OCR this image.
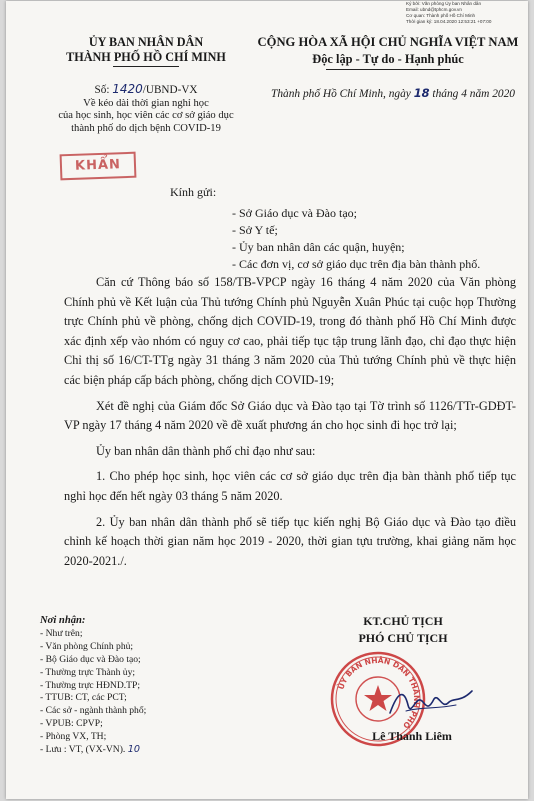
Ký bởi: Văn phòng Ủy ban Nhân dân
Email: ubnd@tphcm.gov.vn
Cơ quan: Thành phố Hồ Chí Minh
Thời gian ký: 18.04.2020 12:53:21 +07:00
ỦY BAN NHÂN DÂN
THÀNH PHỐ HỒ CHÍ MINH
CỘNG HÒA XÃ HỘI CHỦ NGHĨA VIỆT NAM
Độc lập - Tự do - Hạnh phúc
Số: 1420/UBND-VX
Về kéo dài thời gian nghỉ học
của học sinh, học viên các cơ sở giáo dục
thành phố do dịch bệnh COVID-19
Thành phố Hồ Chí Minh, ngày 18 tháng 4 năm 2020
KHẨN
Kính gửi:
- Sở Giáo dục và Đào tạo;
- Sở Y tế;
- Ủy ban nhân dân các quận, huyện;
- Các đơn vị, cơ sở giáo dục trên địa bàn thành phố.

Căn cứ Thông báo số 158/TB-VPCP ngày 16 tháng 4 năm 2020 của Văn phòng Chính phủ về Kết luận của Thủ tướng Chính phủ Nguyễn Xuân Phúc tại cuộc họp Thường trực Chính phủ về phòng, chống dịch COVID-19, trong đó thành phố Hồ Chí Minh được xác định xếp vào nhóm có nguy cơ cao, phải tiếp tục tập trung lãnh đạo, chỉ đạo thực hiện Chỉ thị số 16/CT-TTg ngày 31 tháng 3 năm 2020 của Thủ tướng Chính phủ về thực hiện các biện pháp cấp bách phòng, chống dịch COVID-19;

Xét đề nghị của Giám đốc Sở Giáo dục và Đào tạo tại Tờ trình số 1126/TTr-GDĐT-VP ngày 17 tháng 4 năm 2020 về đề xuất phương án cho học sinh đi học trở lại;

Ủy ban nhân dân thành phố chỉ đạo như sau:

1. Cho phép học sinh, học viên các cơ sở giáo dục trên địa bàn thành phố tiếp tục nghỉ học đến hết ngày 03 tháng 5 năm 2020.

2. Ủy ban nhân dân thành phố sẽ tiếp tục kiến nghị Bộ Giáo dục và Đào tạo điều chỉnh kế hoạch thời gian năm học 2019 - 2020, thời gian tựu trường, khai giảng năm học 2020-2021./.

Nơi nhận:
- Như trên;
- Văn phòng Chính phủ;
- Bộ Giáo dục và Đào tạo;
- Thường trực Thành ủy;
- Thường trực HĐND.TP;
- TTUB: CT, các PCT;
- Các sở - ngành thành phố;
- VPUB: CPVP;
- Phòng VX, TH;
- Lưu : VT, (VX-VN). 10
KT.CHỦ TỊCH
PHÓ CHỦ TỊCH
ỦY BAN NHÂN DÂN THÀNH PHỐ
Lê Thanh Liêm
